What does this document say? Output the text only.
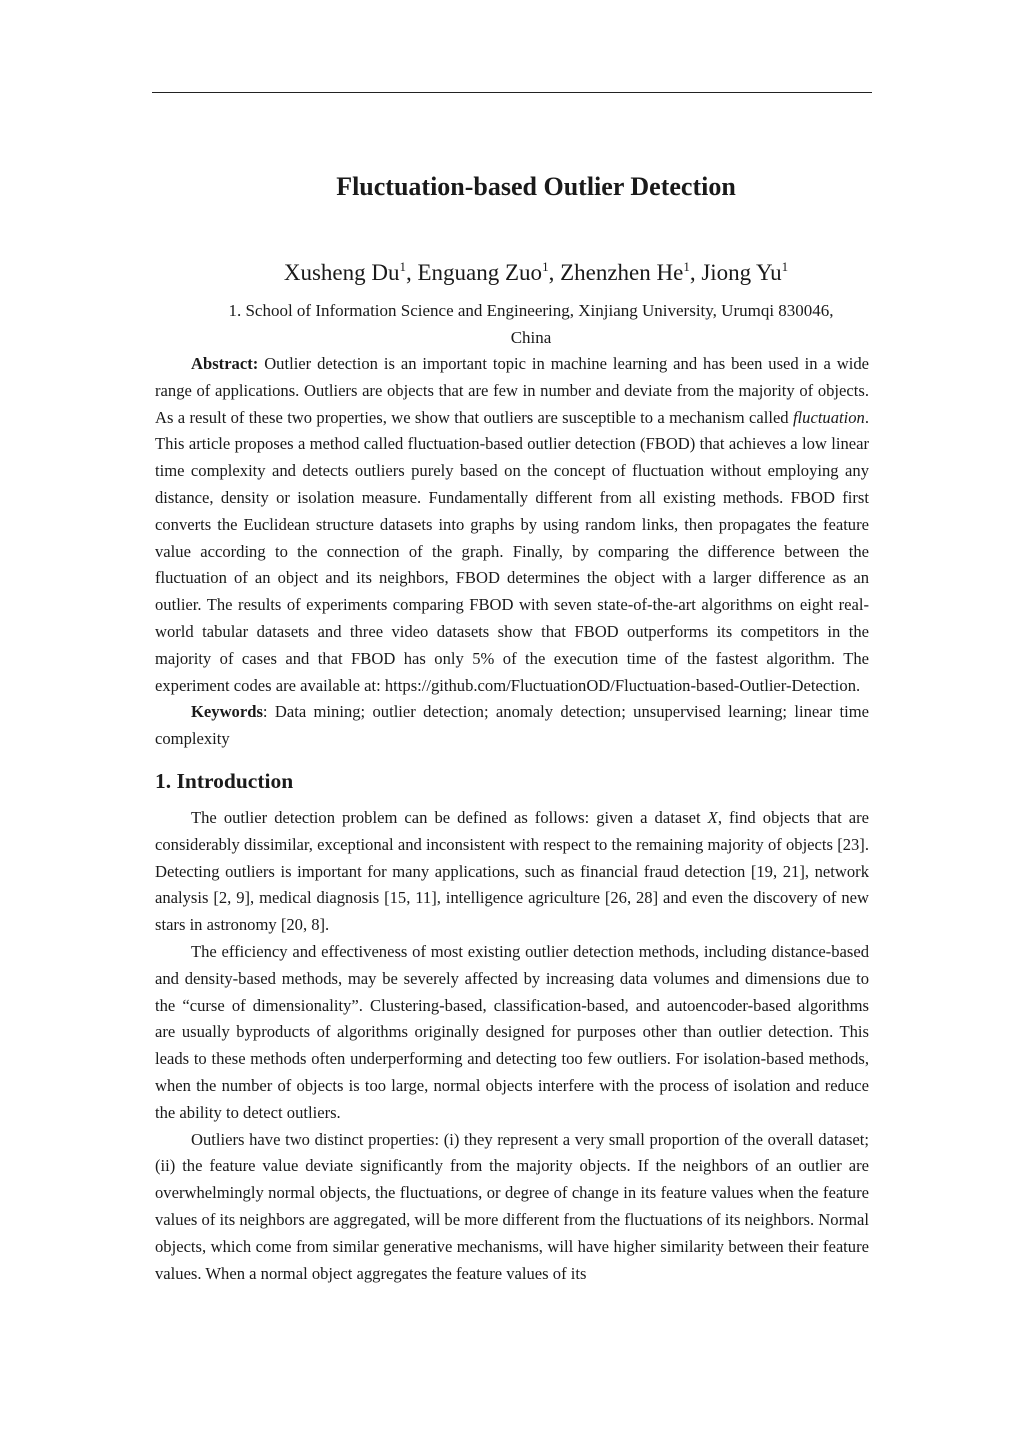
Fluctuation-based Outlier Detection
Xusheng Du$^1$, Enguang Zuo$^1$, Zhenzhen He$^1$, Jiong Yu$^1$
1. School of Information Science and Engineering, Xinjiang University, Urumqi 830046,
China

Abstract: Outlier detection is an important topic in machine learning and has been used in a wide range of applications. Outliers are objects that are few in number and deviate from the majority of objects. As a result of these two properties, we show that outliers are susceptible to a mechanism called fluctuation. This article proposes a method called fluctuation-based outlier detection (FBOD) that achieves a low linear time complexity and detects outliers purely based on the concept of fluctuation without employing any distance, density or isolation measure. Fundamentally different from all existing methods. FBOD first converts the Euclidean structure datasets into graphs by using random links, then propagates the feature value according to the connection of the graph. Finally, by comparing the difference between the fluctuation of an object and its neighbors, FBOD determines the object with a larger difference as an outlier. The results of experiments comparing FBOD with seven state-of-the-art algorithms on eight real-world tabular datasets and three video datasets show that FBOD outperforms its competitors in the majority of cases and that FBOD has only 5% of the execution time of the fastest algorithm. The experiment codes are available at: https://github.com/FluctuationOD/Fluctuation-based-Outlier-Detection.

Keywords: Data mining; outlier detection; anomaly detection; unsupervised learning; linear time complexity

1. Introduction

The outlier detection problem can be defined as follows: given a dataset X, find objects that are considerably dissimilar, exceptional and inconsistent with respect to the remaining majority of objects [23]. Detecting outliers is important for many applications, such as financial fraud detection [19, 21], network analysis [2, 9], medical diagnosis [15, 11], intelligence agriculture [26, 28] and even the discovery of new stars in astronomy [20, 8].

The efficiency and effectiveness of most existing outlier detection methods, including distance-based and density-based methods, may be severely affected by increasing data volumes and dimensions due to the “curse of dimensionality”. Clustering-based, classification-based, and autoencoder-based algorithms are usually byproducts of algorithms originally designed for purposes other than outlier detection. This leads to these methods often underperforming and detecting too few outliers. For isolation-based methods, when the number of objects is too large, normal objects interfere with the process of isolation and reduce the ability to detect outliers.

Outliers have two distinct properties: (i) they represent a very small proportion of the overall dataset; (ii) the feature value deviate significantly from the majority objects. If the neighbors of an outlier are overwhelmingly normal objects, the fluctuations, or degree of change in its feature values when the feature values of its neighbors are aggregated, will be more different from the fluctuations of its neighbors. Normal objects, which come from similar generative mechanisms, will have higher similarity between their feature values. When a normal object aggregates the feature values of its
